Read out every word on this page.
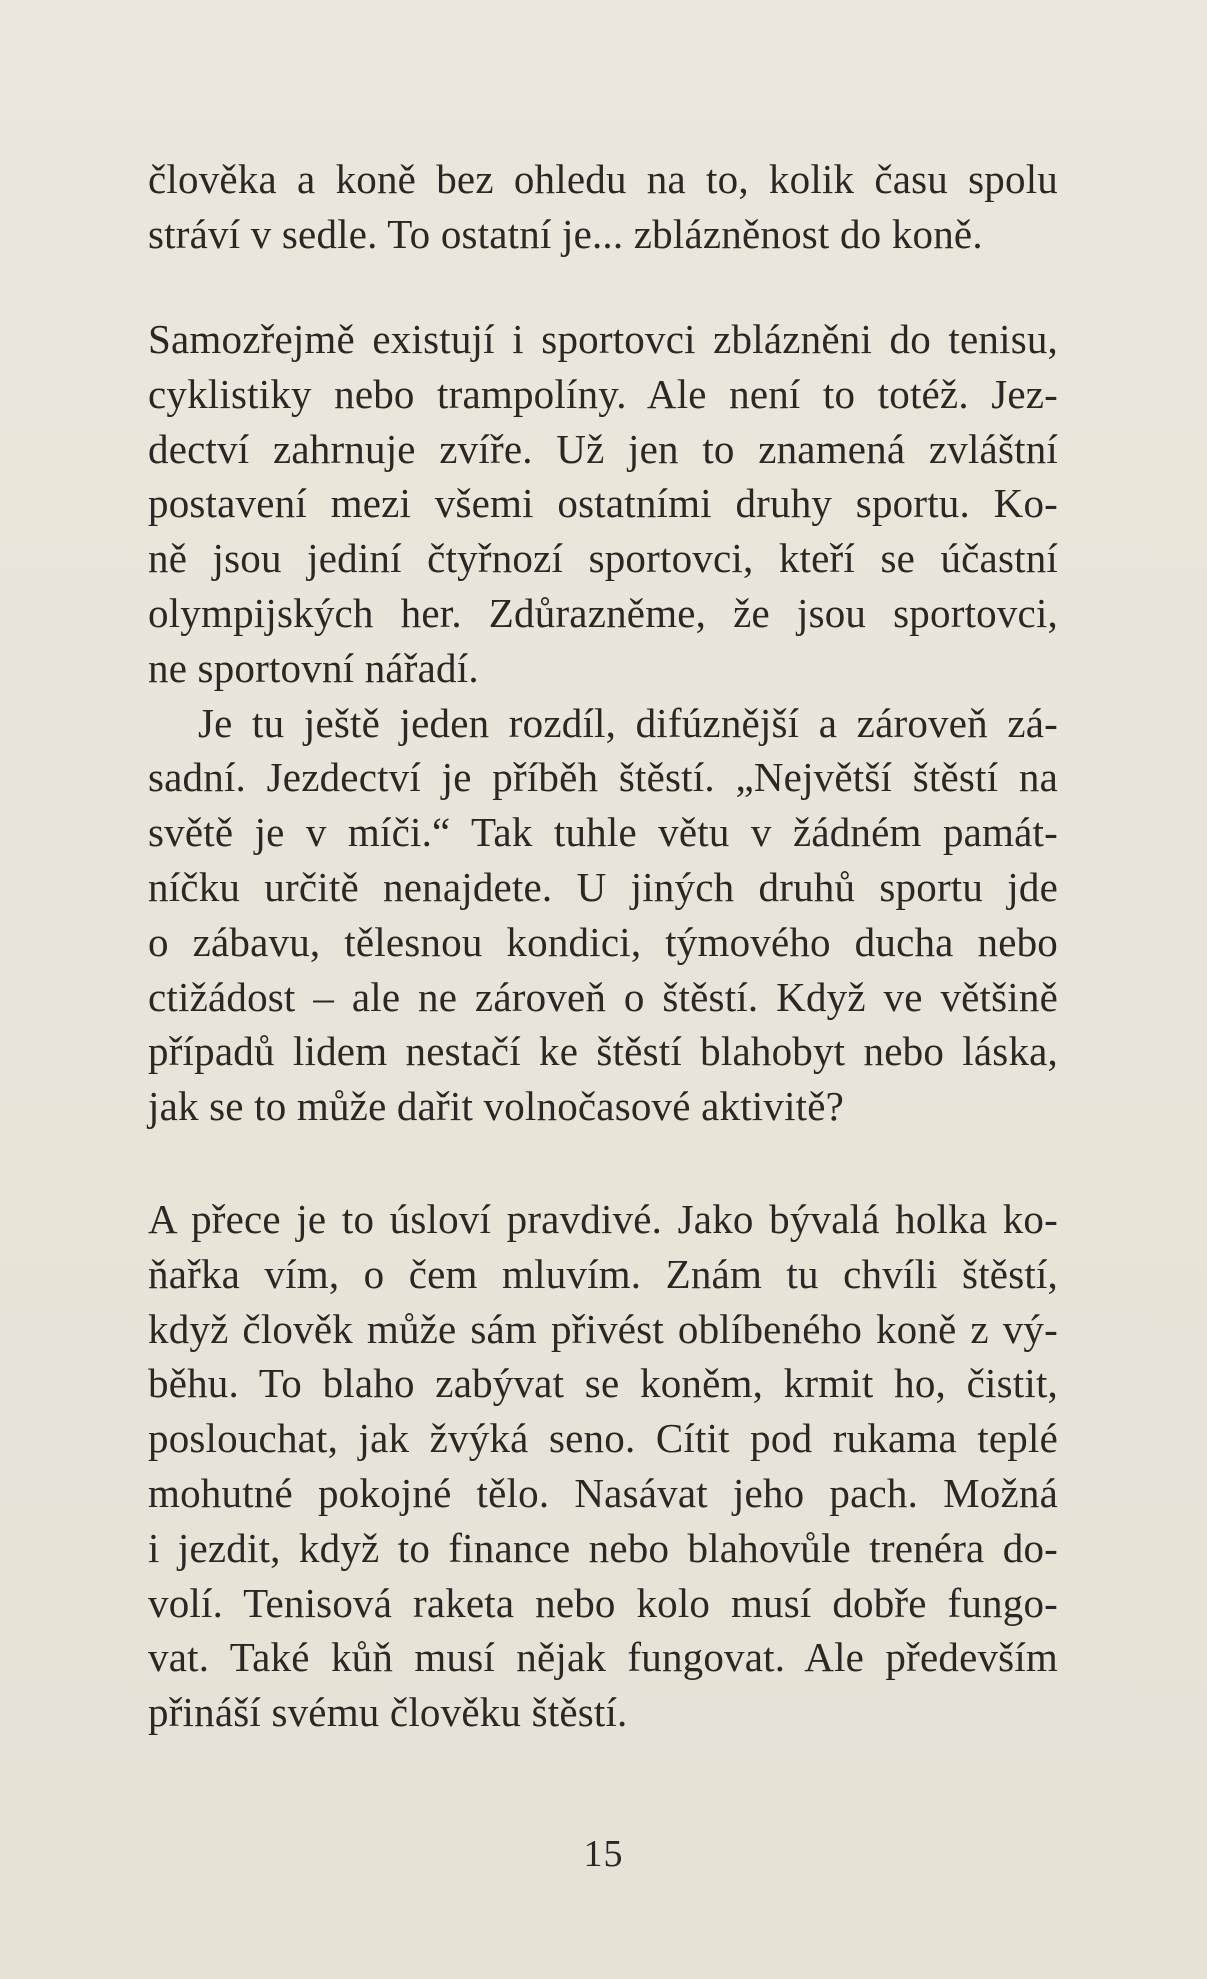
člověka a koně bez ohledu na to, kolik času spolu
stráví v sedle. To ostatní je... zblázněnost do koně.
Samozřejmě existují i sportovci zblázněni do tenisu,
cyklistiky nebo trampolíny. Ale není to totéž. Jez-
dectví zahrnuje zvíře. Už jen to znamená zvláštní
postavení mezi všemi ostatními druhy sportu. Ko-
ně jsou jediní čtyřnozí sportovci, kteří se účastní
olympijských her. Zdůrazněme, že jsou sportovci,
ne sportovní nářadí.
Je tu ještě jeden rozdíl, difúznější a zároveň zá-
sadní. Jezdectví je příběh štěstí. „Největší štěstí na
světě je v míči.“ Tak tuhle větu v žádném památ-
níčku určitě nenajdete. U jiných druhů sportu jde
o zábavu, tělesnou kondici, týmového ducha nebo
ctižádost – ale ne zároveň o štěstí. Když ve většině
případů lidem nestačí ke štěstí blahobyt nebo láska,
jak se to může dařit volnočasové aktivitě?
A přece je to úsloví pravdivé. Jako bývalá holka ko-
ňařka vím, o čem mluvím. Znám tu chvíli štěstí,
když člověk může sám přivést oblíbeného koně z vý-
běhu. To blaho zabývat se koněm, krmit ho, čistit,
poslouchat, jak žvýká seno. Cítit pod rukama teplé
mohutné pokojné tělo. Nasávat jeho pach. Možná
i jezdit, když to finance nebo blahovůle trenéra do-
volí. Tenisová raketa nebo kolo musí dobře fungo-
vat. Také kůň musí nějak fungovat. Ale především
přináší svému člověku štěstí.
15
